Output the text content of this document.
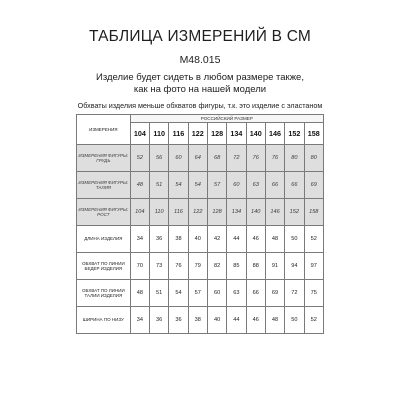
ТАБЛИЦА ИЗМЕРЕНИЙ В СМ
M48.015
Изделие будет сидеть в любом размере также, как на фото на нашей модели
Обхваты изделия меньше обхватов фигуры, т.к. это изделие с эластаном
ИЗМЕРЕНИЯ	РОССИЙСКИЙ РАЗМЕР									
	104	110	116	122	128	134	140	146	152	158
ИЗМЕРЕНИЯ ФИГУРЫ: ГРУДЬ	52	56	60	64	68	72	76	76	80	80
ИЗМЕРЕНИЯ ФИГУРЫ: ТАЛИЯ	48	51	54	54	57	60	63	66	66	69
ИЗМЕРЕНИЯ ФИГУРЫ: РОСТ	104	110	116	122	128	134	140	146	152	158
ДЛИНА ИЗДЕЛИЯ	34	36	38	40	42	44	46	48	50	52
ОБХВАТ ПО ЛИНИИ БЕДЕР ИЗДЕЛИЯ	70	73	76	79	82	85	88	91	94	97
ОБХВАТ ПО ЛИНИИ ТАЛИИ ИЗДЕЛИЯ	48	51	54	57	60	63	66	69	72	75
ШИРИНА ПО НИЗУ	34	36	36	38	40	44	46	48	50	52
